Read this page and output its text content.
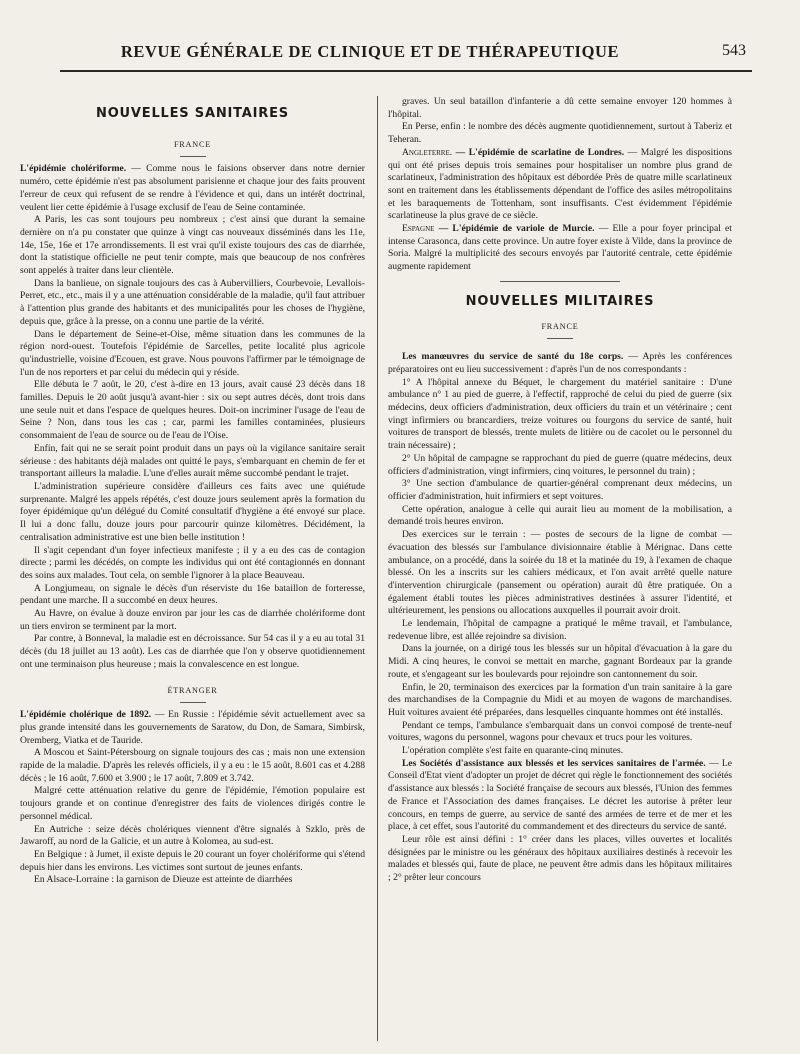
REVUE GÉNÉRALE DE CLINIQUE ET DE THÉRAPEUTIQUE	543
NOUVELLES SANITAIRES
FRANCE

L'épidémie cholériforme. — Comme nous le faisions observer dans notre dernier numéro, cette épidémie n'est pas absolument parisienne et chaque jour des faits prouvent l'erreur de ceux qui refusent de se rendre à l'évidence et qui, dans un intérêt doctrinal, veulent lier cette épidémie à l'usage exclusif de l'eau de Seine contaminée.

A Paris, les cas sont toujours peu nombreux ; c'est ainsi que durant la semaine dernière on n'a pu constater que quinze à vingt cas nouveaux disséminés dans les 11e, 14e, 15e, 16e et 17e arrondissements. Il est vrai qu'il existe toujours des cas de diarrhée, dont la statistique officielle ne peut tenir compte, mais que beaucoup de nos confrères sont appelés à traiter dans leur clientèle.

Dans la banlieue, on signale toujours des cas à Aubervilliers, Courbevoie, Levallois-Perret, etc., etc., mais il y a une atténuation considérable de la maladie, qu'il faut attribuer à l'attention plus grande des habitants et des municipalités pour les choses de l'hygiène, depuis que, grâce à la presse, on a connu une partie de la vérité.

Dans le département de Seine-et-Oise, même situation dans les communes de la région nord-ouest. Toutefois l'épidémie de Sarcelles, petite localité plus agricole qu'industrielle, voisine d'Ecouen, est grave. Nous pouvons l'affirmer par le témoignage de l'un de nos reporters et par celui du médecin qui y réside.

Elle débuta le 7 août, le 20, c'est à-dire en 13 jours, avait causé 23 décès dans 18 familles. Depuis le 20 août jusqu'à avant-hier : six ou sept autres décès, dont trois dans une seule nuit et dans l'espace de quelques heures. Doit-on incriminer l'usage de l'eau de Seine ? Non, dans tous les cas ; car, parmi les familles contaminées, plusieurs consommaient de l'eau de source ou de l'eau de l'Oise.

Enfin, fait qui ne se serait point produit dans un pays où la vigilance sanitaire serait sérieuse : des habitants déjà malades ont quitté le pays, s'embarquant en chemin de fer et transportant ailleurs la maladie. L'une d'elles aurait même succombé pendant le trajet.

L'administration supérieure considère d'ailleurs ces faits avec une quiétude surprenante. Malgré les appels répétés, c'est douze jours seulement après la formation du foyer épidémique qu'un délégué du Comité consultatif d'hygiène a été envoyé sur place. Il lui a donc fallu, douze jours pour parcourir quinze kilomètres. Décidément, la centralisation administrative est une bien belle institution !

Il s'agit cependant d'un foyer infectieux manifeste ; il y a eu des cas de contagion directe ; parmi les décédés, on compte les individus qui ont été contagionnés en donnant des soins aux malades. Tout cela, on semble l'ignorer à la place Beauveau.

A Longjumeau, on signale le décès d'un réserviste du 16e bataillon de forteresse, pendant une marche. Il a succombé en deux heures.

Au Havre, on évalue à douze environ par jour les cas de diarrhée cholériforme dont un tiers environ se terminent par la mort.

Par contre, à Bonneval, la maladie est en décroissance. Sur 54 cas il y a eu au total 31 décès (du 18 juillet au 13 août). Les cas de diarrhée que l'on y observe quotidiennement ont une terminaison plus heureuse ; mais la convalescence en est longue.

ÉTRANGER

L'épidémie cholérique de 1892. — En Russie : l'épidémie sévit actuellement avec sa plus grande intensité dans les gouvernements de Saratow, du Don, de Samara, Simbirsk, Oremberg, Viatka et de Tauride.

A Moscou et Saint-Pétersbourg on signale toujours des cas ; mais non une extension rapide de la maladie. D'après les relevés officiels, il y a eu : le 15 août, 8.601 cas et 4.288 décès ; le 16 août, 7.600 et 3.900 ; le 17 août, 7.809 et 3.742.

Malgré cette atténuation relative du genre de l'épidémie, l'émotion populaire est toujours grande et on continue d'enregistrer des faits de violences dirigés contre le personnel médical.

En Autriche : seize décès cholériques viennent d'être signalés à Szklo, près de Jawaroff, au nord de la Galicie, et un autre à Kolomea, au sud-est.

En Belgique : à Jumet, il existe depuis le 20 courant un foyer cholériforme qui s'étend depuis hier dans les environs. Les victimes sont surtout de jeunes enfants.

En Alsace-Lorraine : la garnison de Dieuze est atteinte de diarrhées

graves. Un seul bataillon d'infanterie a dû cette semaine envoyer 120 hommes à l'hôpital.

En Perse, enfin : le nombre des décès augmente quotidiennement, surtout à Taberiz et Teheran.

Angleterre. — L'épidémie de scarlatine de Londres. — Malgré les dispositions qui ont été prises depuis trois semaines pour hospitaliser un nombre plus grand de scarlatineux, l'administration des hôpitaux est débordée Près de quatre mille scarlatineux sont en traitement dans les établissements dépendant de l'office des asiles métropolitains et les baraquements de Tottenham, sont insuffisants. C'est évidemment l'épidémie scarlatineuse la plus grave de ce siècle.

Espagne — L'épidémie de variole de Murcie. — Elle a pour foyer principal et intense Carasonca, dans cette province. Un autre foyer existe à Vilde, dans la province de Soria. Malgré la multiplicité des secours envoyés par l'autorité centrale, cette épidémie augmente rapidement

NOUVELLES MILITAIRES
FRANCE

Les manœuvres du service de santé du 18e corps. — Après les conférences préparatoires ont eu lieu successivement : d'après l'un de nos correspondants :

1° A l'hôpital annexe du Béquet, le chargement du matériel sanitaire : D'une ambulance n° 1 au pied de guerre, à l'effectif, rapproché de celui du pied de guerre (six médecins, deux officiers d'administration, deux officiers du train et un vétérinaire ; cent vingt infirmiers ou brancardiers, treize voitures ou fourgons du service de santé, huit voitures de transport de blessés, trente mulets de litière ou de cacolet ou le personnel du train nécessaire) ;

2° Un hôpital de campagne se rapprochant du pied de guerre (quatre médecins, deux officiers d'administration, vingt infirmiers, cinq voitures, le personnel du train) ;

3° Une section d'ambulance de quartier-général comprenant deux médecins, un officier d'administration, huit infirmiers et sept voitures.

Cette opération, analogue à celle qui aurait lieu au moment de la mobilisation, a demandé trois heures environ.

Des exercices sur le terrain : — postes de secours de la ligne de combat — évacuation des blessés sur l'ambulance divisionnaire établie à Mérignac. Dans cette ambulance, on a procédé, dans la soirée du 18 et la matinée du 19, à l'examen de chaque blessé. On les a inscrits sur les cahiers médicaux, et l'on avait arrêté quelle nature d'intervention chirurgicale (pansement ou opération) aurait dû être pratiquée. On a également établi toutes les pièces administratives destinées à assurer l'identité, et ultérieurement, les pensions ou allocations auxquelles il pourrait avoir droit.

Le lendemain, l'hôpital de campagne a pratiqué le même travail, et l'ambulance, redevenue libre, est allée rejoindre sa division.

Dans la journée, on a dirigé tous les blessés sur un hôpital d'évacuation à la gare du Midi. A cinq heures, le convoi se mettait en marche, gagnant Bordeaux par la grande route, et s'engageant sur les boulevards pour rejoindre son cantonnement du soir.

Enfin, le 20, terminaison des exercices par la formation d'un train sanitaire à la gare des marchandises de la Compagnie du Midi et au moyen de wagons de marchandises. Huit voitures avaient été préparées, dans lesquelles cinquante hommes ont été installés.

Pendant ce temps, l'ambulance s'embarquait dans un convoi composé de trente-neuf voitures, wagons du personnel, wagons pour chevaux et trucs pour les voitures.

L'opération complète s'est faite en quarante-cinq minutes.

Les Sociétés d'assistance aux blessés et les services sanitaires de l'armée. — Le Conseil d'Etat vient d'adopter un projet de décret qui règle le fonctionnement des sociétés d'assistance aux blessés : la Société française de secours aux blessés, l'Union des femmes de France et l'Association des dames françaises. Le décret les autorise à prêter leur concours, en temps de guerre, au service de santé des armées de terre et de mer et les place, à cet effet, sous l'autorité du commandement et des directeurs du service de santé.

Leur rôle est ainsi défini : 1° créer dans les places, villes ouvertes et localités désignées par le ministre ou les généraux des hôpitaux auxiliaires destinés à recevoir les malades et blessés qui, faute de place, ne peuvent être admis dans les hôpitaux militaires ; 2° prêter leur concours
